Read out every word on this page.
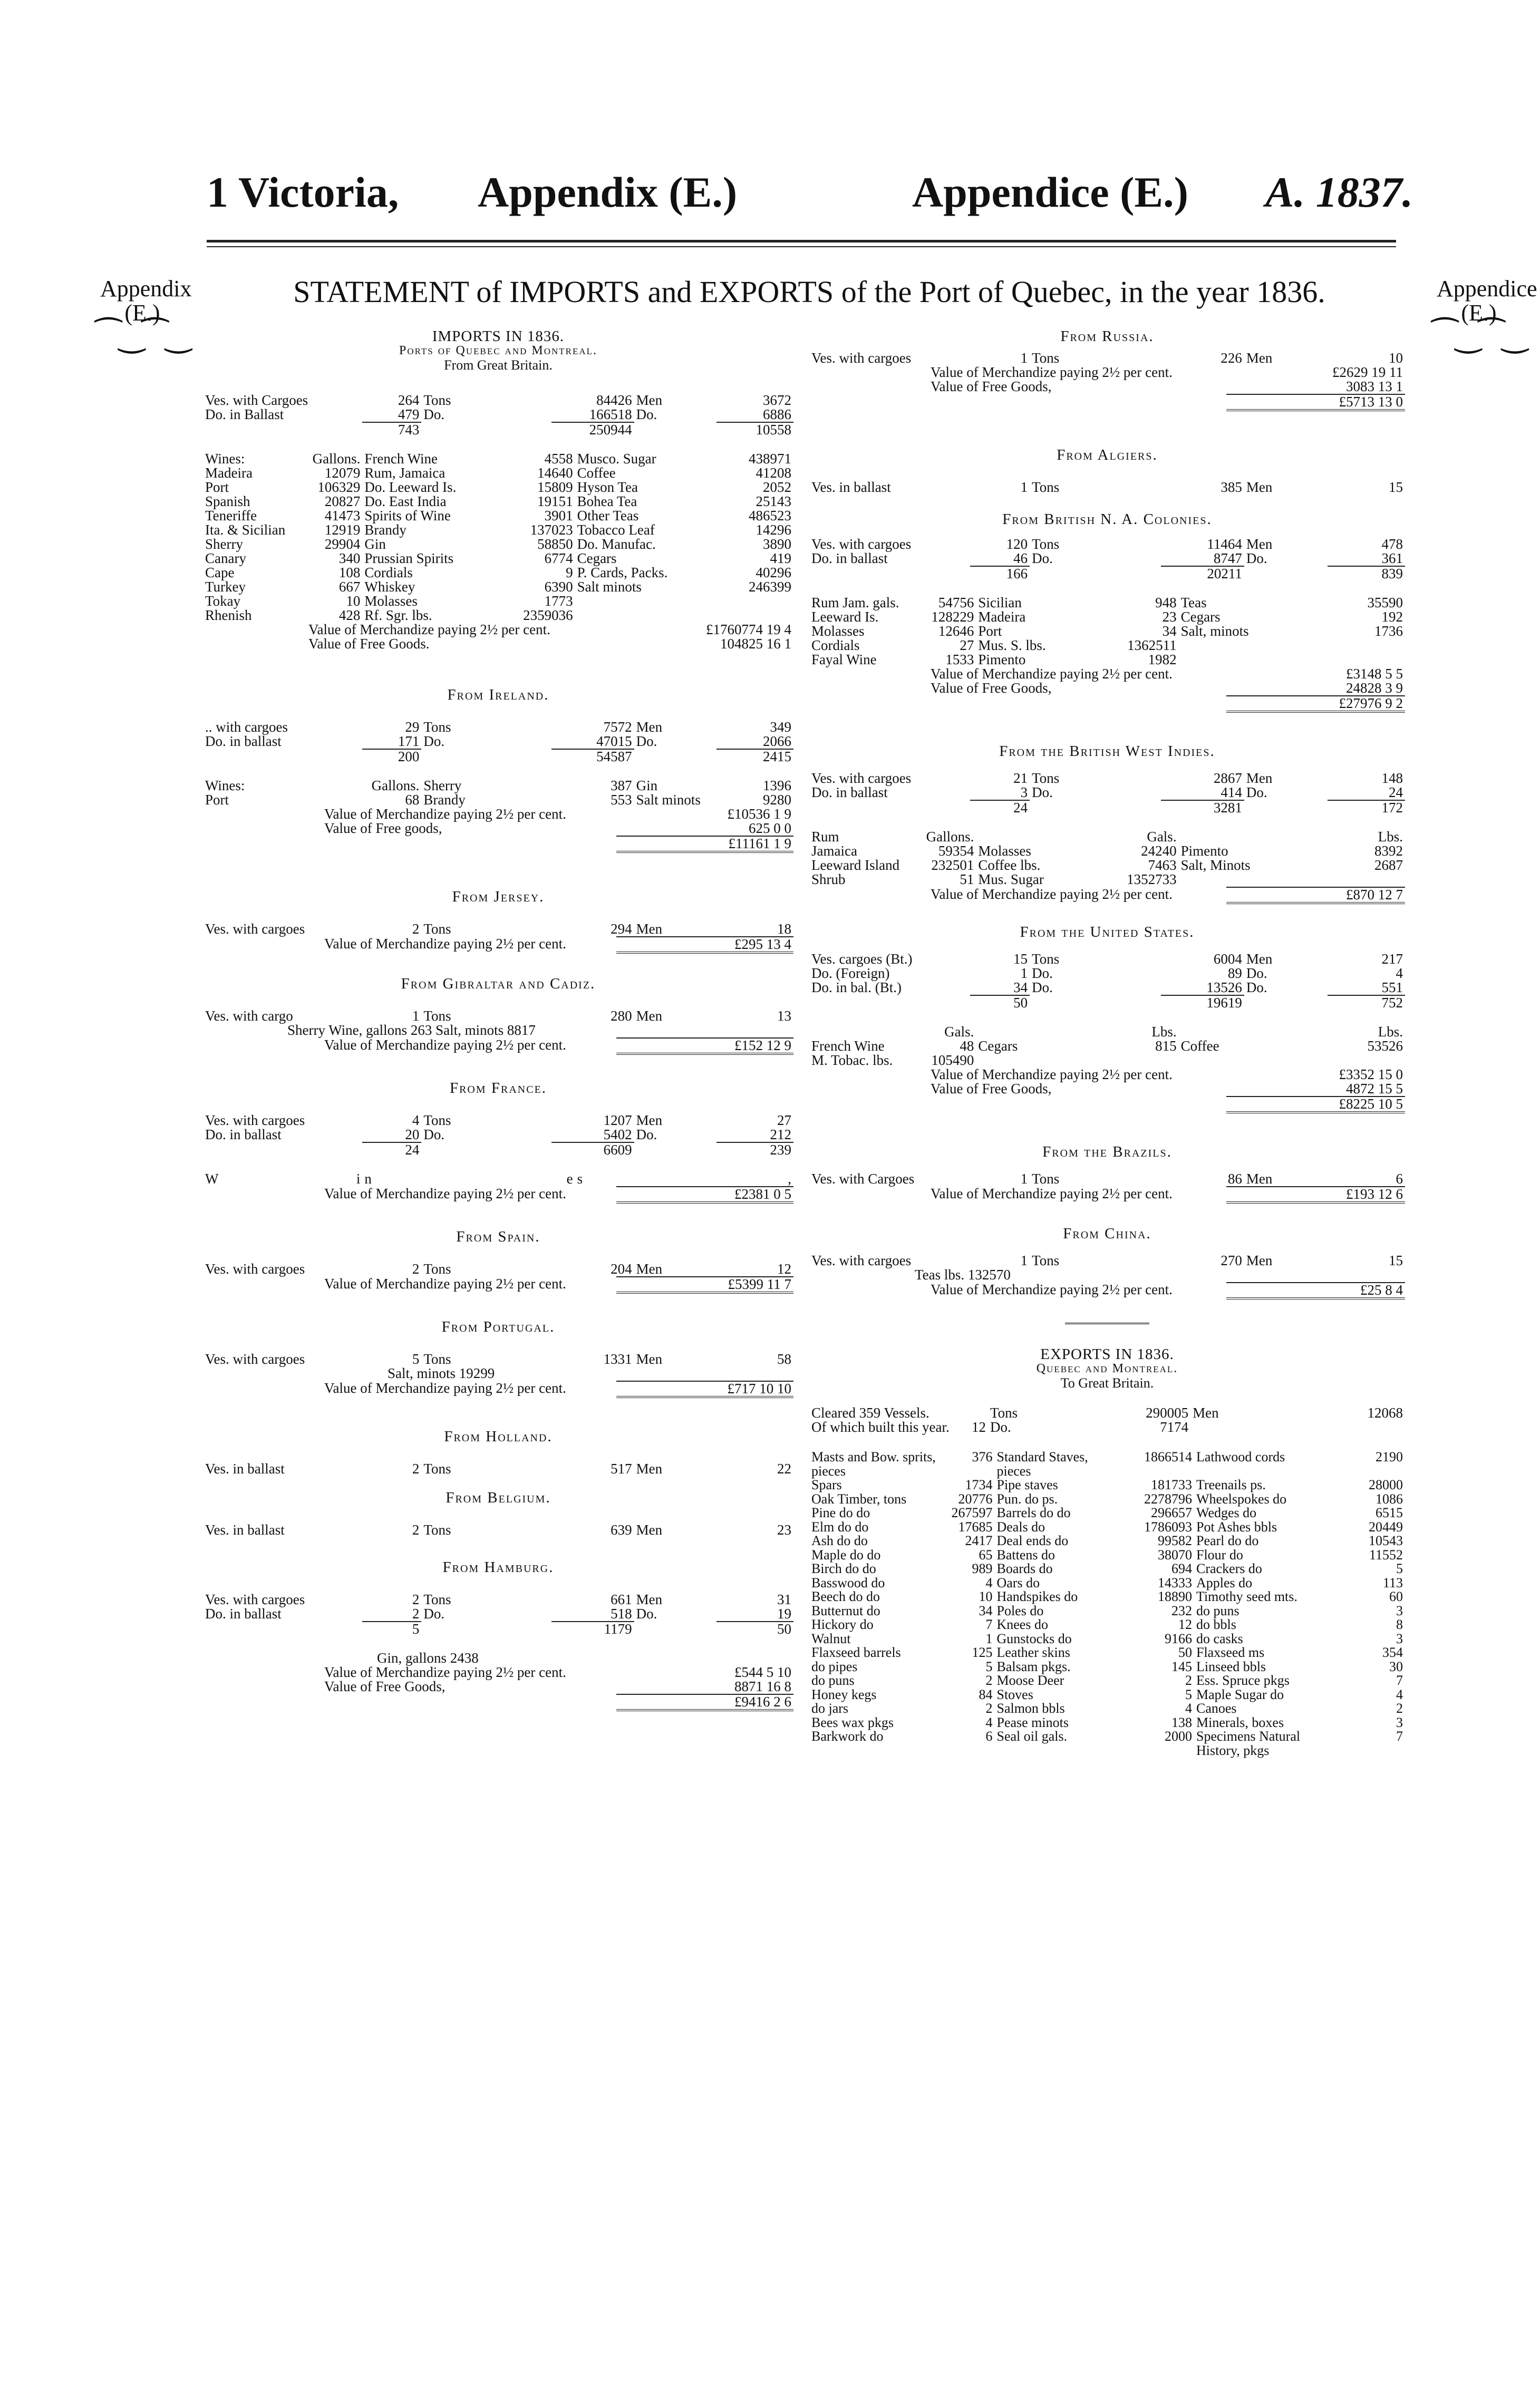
1 Victoria, Appendix (E.)	Appendice (E.) A. 1837.
Appendix (E.)
⁀‿⁀‿
Appendice (E.)
⁀‿⁀‿
STATEMENT of IMPORTS and EXPORTS of the Port of Quebec, in the year 1836.
IMPORTS IN 1836.
Ports of Quebec and Montreal.
From Great Britain.
Ves. with Cargoes	264	Tons	84426	Men	3672
Do. in Ballast	479	Do.	166518	Do.	6886
	743		250944		10558
Wines:	Gallons.	French Wine	4558	Musco. Sugar	438971
Madeira	12079	Rum, Jamaica	14640	Coffee	41208
Port	106329	Do. Leeward Is.	15809	Hyson Tea	2052
Spanish	20827	Do. East India	19151	Bohea Tea	25143
Teneriffe	41473	Spirits of Wine	3901	Other Teas	486523
Ita. & Sicilian	12919	Brandy	137023	Tobacco Leaf	14296
Sherry	29904	Gin	58850	Do. Manufac.	3890
Canary	340	Prussian Spirits	6774	Cegars	419
Cape	108	Cordials	9	P. Cards, Packs.	40296
Turkey	667	Whiskey	6390	Salt minots	246399
Tokay	10	Molasses	1773		
Rhenish	428	Rf. Sgr. lbs.	2359036		
Value of Merchandize paying 2½ per cent.	£1760774 19 4
Value of Free Goods.	104825 16 1
From Ireland.
.. with cargoes	29	Tons	7572	Men	349
Do. in ballast	171	Do.	47015	Do.	2066
	200		54587		2415
Wines:	Gallons.	Sherry	387	Gin	1396
Port	68	Brandy	553	Salt minots	9280
Value of Merchandize paying 2½ per cent.	£10536 1 9
Value of Free goods,	625 0 0
	£11161 1 9
From Jersey.
Ves. with cargoes	2	Tons	294	Men	18
Value of Merchandize paying 2½ per cent.	£295 13 4
From Gibraltar and Cadiz.
Ves. with cargo	1	Tons	280	Men	13
Sherry Wine, gallons 263 Salt, minots 8817
Value of Merchandize paying 2½ per cent.	£152 12 9
From France.
Ves. with cargoes	4	Tons	1207	Men	27
Do. in ballast	20	Do.	5402	Do.	212
	24		6609		239
W	i	n	e	s	,
Value of Merchandize paying 2½ per cent.	£2381 0 5
From Spain.
Ves. with cargoes	2	Tons	204	Men	12
Value of Merchandize paying 2½ per cent.	£5399 11 7
From Portugal.
Ves. with cargoes	5	Tons	1331	Men	58
Salt, minots 19299
Value of Merchandize paying 2½ per cent.	£717 10 10
From Holland.
Ves. in ballast	2	Tons	517	Men	22
From Belgium.
Ves. in ballast	2	Tons	639	Men	23
From Hamburg.
Ves. with cargoes	2	Tons	661	Men	31
Do. in ballast	2	Do.	518	Do.	19
	5		1179		50
Gin, gallons 2438
Value of Merchandize paying 2½ per cent.	£544 5 10
Value of Free Goods,	8871 16 8
	£9416 2 6
From Russia.
Ves. with cargoes	1	Tons	226	Men	10
Value of Merchandize paying 2½ per cent.	£2629 19 11
Value of Free Goods,	3083 13 1
	£5713 13 0
From Algiers.
Ves. in ballast	1	Tons	385	Men	15
From British N. A. Colonies.
Ves. with cargoes	120	Tons	11464	Men	478
Do. in ballast	46	Do.	8747	Do.	361
	166		20211		839
Rum Jam. gals.	54756	Sicilian	948	Teas	35590
Leeward Is.	128229	Madeira	23	Cegars	192
Molasses	12646	Port	34	Salt, minots	1736
Cordials	27	Mus. S. lbs.	1362511		
Fayal Wine	1533	Pimento	1982		
Value of Merchandize paying 2½ per cent.	£3148 5 5
Value of Free Goods,	24828 3 9
	£27976 9 2
From the British West Indies.
Ves. with cargoes	21	Tons	2867	Men	148
Do. in ballast	3	Do.	414	Do.	24
	24		3281		172
Rum	Gallons.		Gals.		Lbs.
Jamaica	59354	Molasses	24240	Pimento	8392
Leeward Island	232501	Coffee lbs.	7463	Salt, Minots	2687
Shrub	51	Mus. Sugar	1352733		
Value of Merchandize paying 2½ per cent.	£870 12 7
From the United States.
Ves. cargoes (Bt.)	15	Tons	6004	Men	217
Do. (Foreign)	1	Do.	89	Do.	4
Do. in bal. (Bt.)	34	Do.	13526	Do.	551
	50		19619		752
	Gals.		Lbs.		Lbs.
French Wine	48	Cegars	815	Coffee	53526
M. Tobac. lbs.	105490				
Value of Merchandize paying 2½ per cent.	£3352 15 0
Value of Free Goods,	4872 15 5
	£8225 10 5
From the Brazils.
Ves. with Cargoes	1	Tons	86	Men	6
Value of Merchandize paying 2½ per cent.	£193 12 6
From China.
Ves. with cargoes	1	Tons	270	Men	15
Teas lbs. 132570
Value of Merchandize paying 2½ per cent.	£25 8 4
EXPORTS IN 1836.
Quebec and Montreal.
To Great Britain.
Cleared 359 Vessels.		Tons	290005	Men	12068
Of which built this year.	12	Do.	7174		
Masts and Bow. sprits, pieces	376	Standard Staves, pieces	1866514	Lathwood cords	2190
Spars	1734	Pipe staves	181733	Treenails ps.	28000
Oak Timber, tons	20776	Pun. do ps.	2278796	Wheelspokes do	1086
Pine do do	267597	Barrels do do	296657	Wedges do	6515
Elm do do	17685	Deals do	1786093	Pot Ashes bbls	20449
Ash do do	2417	Deal ends do	99582	Pearl do do	10543
Maple do do	65	Battens do	38070	Flour do	11552
Birch do do	989	Boards do	694	Crackers do	5
Basswood do	4	Oars do	14333	Apples do	113
Beech do do	10	Handspikes do	18890	Timothy seed mts.	60
Butternut do	34	Poles do	232	do puns	3
Hickory do	7	Knees do	12	do bbls	8
Walnut	1	Gunstocks do	9166	do casks	3
Flaxseed barrels	125	Leather skins	50	Flaxseed ms	354
do pipes	5	Balsam pkgs.	145	Linseed bbls	30
do puns	2	Moose Deer	2	Ess. Spruce pkgs	7
Honey kegs	84	Stoves	5	Maple Sugar do	4
do jars	2	Salmon bbls	4	Canoes	2
Bees wax pkgs	4	Pease minots	138	Minerals, boxes	3
Barkwork do	6	Seal oil gals.	2000	Specimens Natural History, pkgs	7
